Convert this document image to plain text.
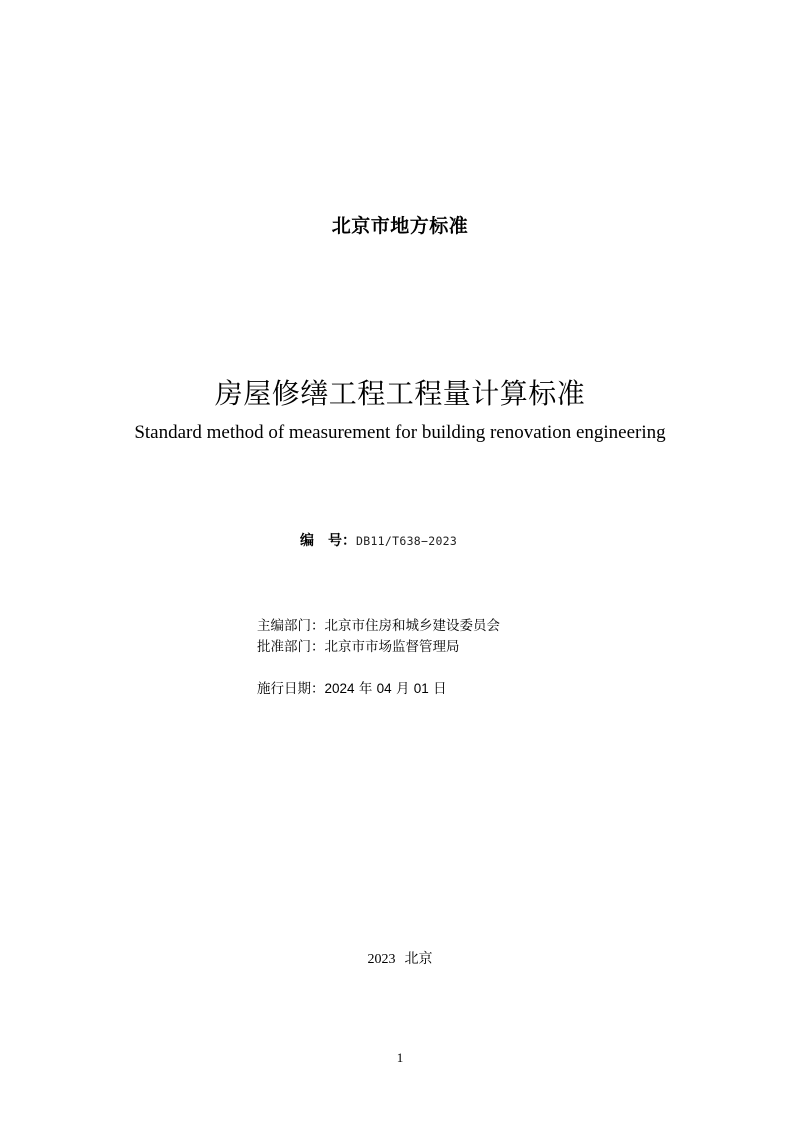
北京市地方标准
房屋修缮工程工程量计算标准
Standard method of measurement for building renovation engineering
编 号：DB11/T638−2023
主编部门：北京市住房和城乡建设委员会
批准部门：北京市市场监督管理局
施行日期：2024 年 04 月 01 日
2023 北京
1
